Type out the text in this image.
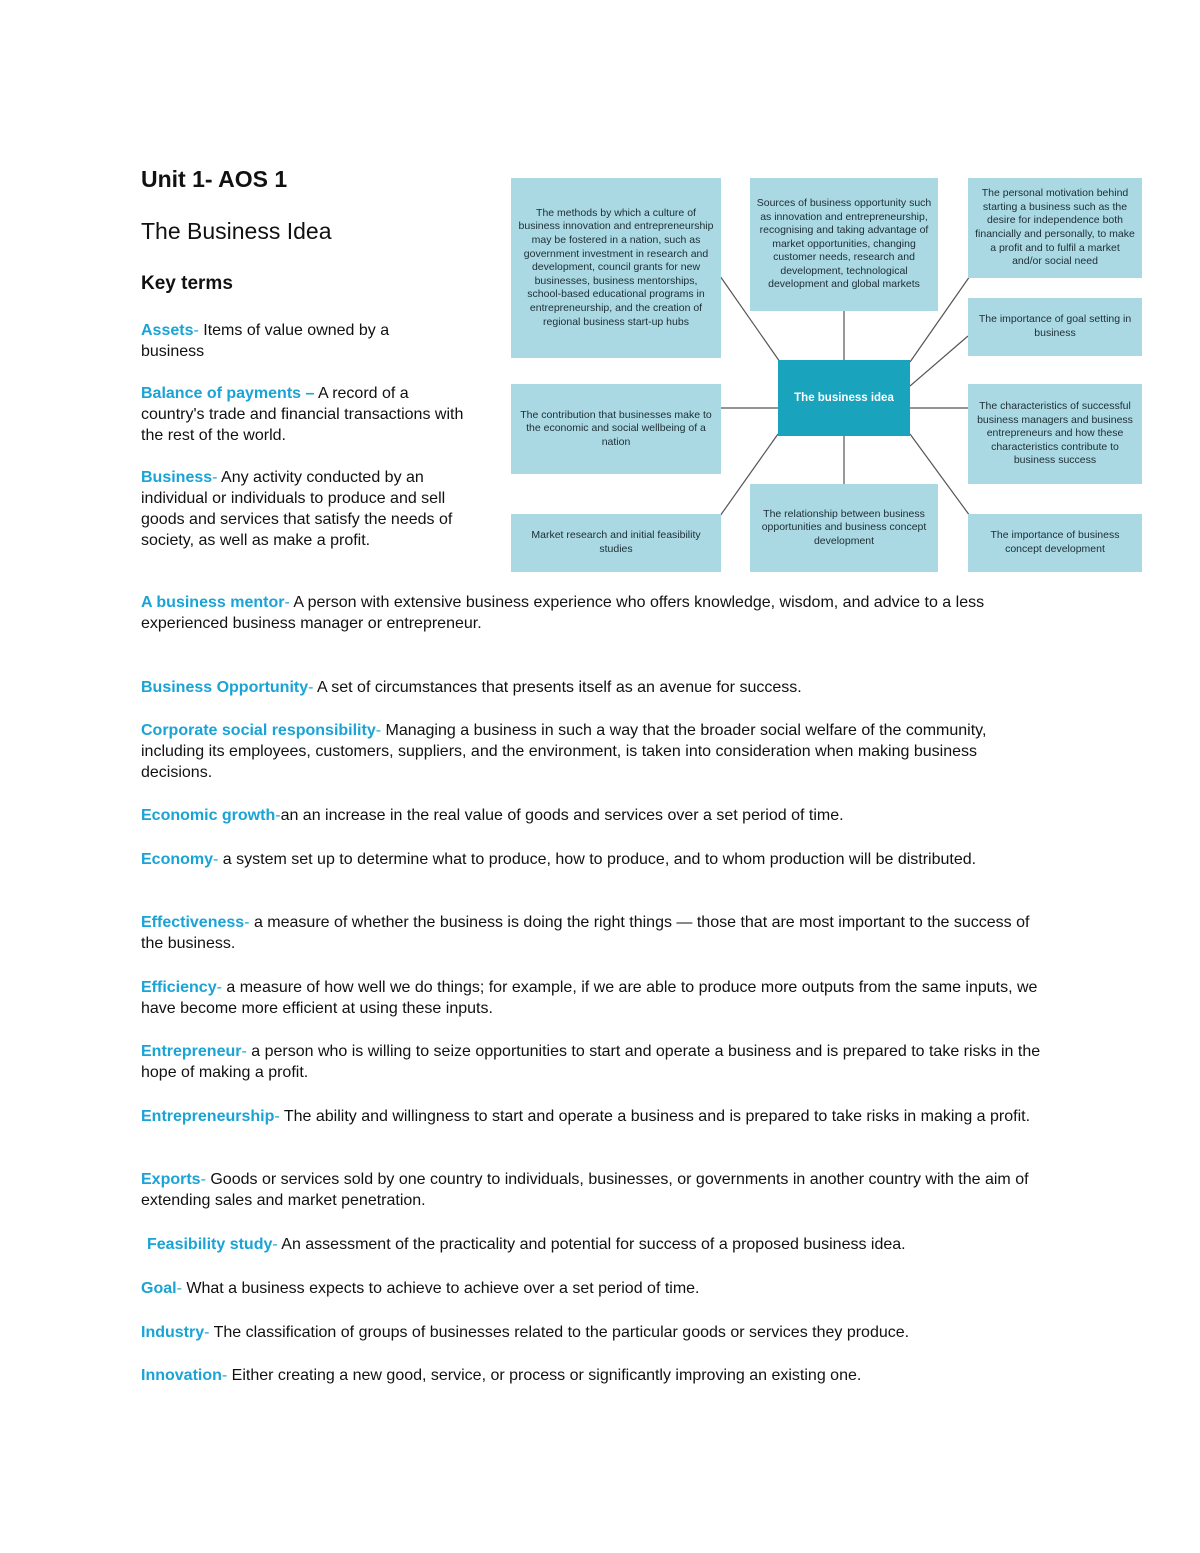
Unit 1- AOS 1
The Business Idea
Key terms
The methods by which a culture of business innovation and entrepreneurship may be fostered in a nation, such as government investment in research and development, council grants for new businesses, business mentorships, school-based educational programs in entrepreneurship, and the creation of regional business start-up hubs
Sources of business opportunity such as innovation and entrepreneurship, recognising and taking advantage of market opportunities, changing customer needs, research and development, technological development and global markets
The personal motivation behind starting a business such as the desire for independence both financially and personally, to make a profit and to fulfil a market and/or social need
The importance of goal setting in business
The contribution that businesses make to the economic and social wellbeing of a nation
The business idea
The characteristics of successful business managers and business entrepreneurs and how these characteristics contribute to business success
Market research and initial feasibility studies
The relationship between business opportunities and business concept development	The importance of business concept development

Assets- Items of value owned by a business

Balance of payments – A record of a country's trade and financial transactions with the rest of the world.

Business- Any activity conducted by an individual or individuals to produce and sell goods and services that satisfy the needs of society, as well as make a profit.

A business mentor- A person with extensive business experience who offers knowledge, wisdom, and advice to a less experienced business manager or entrepreneur.

Business Opportunity- A set of circumstances that presents itself as an avenue for success.

Corporate social responsibility- Managing a business in such a way that the broader social welfare of the community, including its employees, customers, suppliers, and the environment, is taken into consideration when making business decisions.

Economic growth-an an increase in the real value of goods and services over a set period of time.

Economy- a system set up to determine what to produce, how to produce, and to whom production will be distributed.

Effectiveness- a measure of whether the business is doing the right things — those that are most important to the success of the business.

Efficiency- a measure of how well we do things; for example, if we are able to produce more outputs from the same inputs, we have become more efficient at using these inputs.

Entrepreneur- a person who is willing to seize opportunities to start and operate a business and is prepared to take risks in the hope of making a profit.

Entrepreneurship- The ability and willingness to start and operate a business and is prepared to take risks in making a profit.

Exports- Goods or services sold by one country to individuals, businesses, or governments in another country with the aim of extending sales and market penetration.

Feasibility study- An assessment of the practicality and potential for success of a proposed business idea.

Goal- What a business expects to achieve to achieve over a set period of time.

Industry- The classification of groups of businesses related to the particular goods or services they produce.

Innovation- Either creating a new good, service, or process or significantly improving an existing one.
